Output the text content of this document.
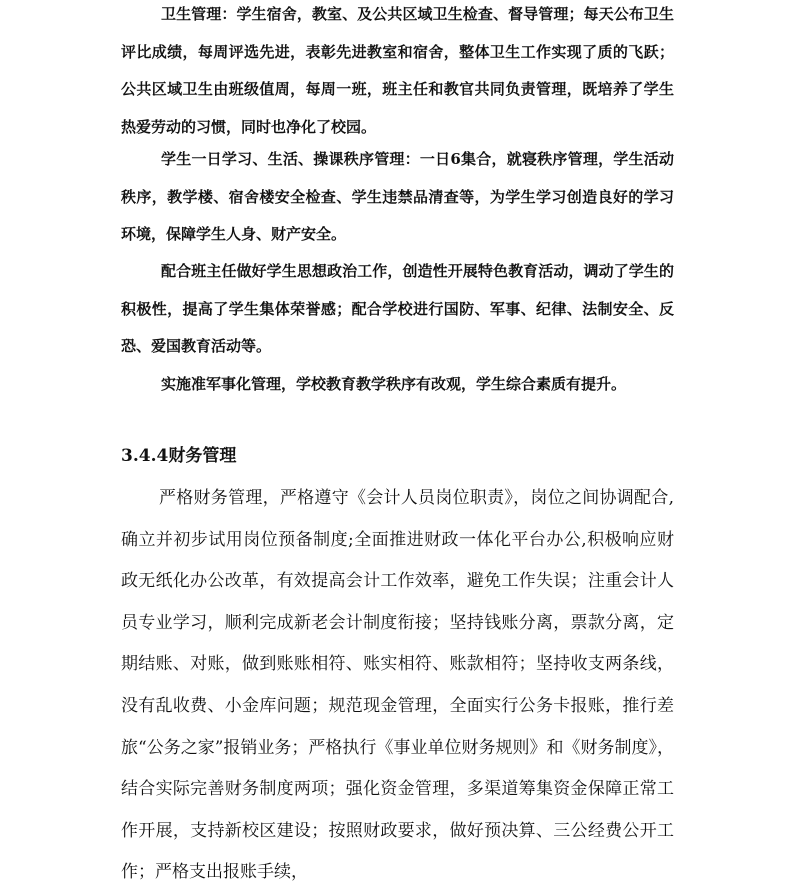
卫生管理：学生宿舍，教室、及公共区域卫生检查、督导管理；每天公布卫生评比成绩，每周评选先进，表彰先进教室和宿舍，整体卫生工作实现了质的飞跃；公共区域卫生由班级值周，每周一班，班主任和教官共同负责管理，既培养了学生热爱劳动的习惯，同时也净化了校园。

学生一日学习、生活、操课秩序管理：一日6集合，就寝秩序管理，学生活动秩序，教学楼、宿舍楼安全检查、学生违禁品清查等，为学生学习创造良好的学习环境，保障学生人身、财产安全。

配合班主任做好学生思想政治工作，创造性开展特色教育活动，调动了学生的积极性，提高了学生集体荣誉感；配合学校进行国防、军事、纪律、法制安全、反恐、爱国教育活动等。

实施准军事化管理，学校教育教学秩序有改观，学生综合素质有提升。

3.4.4财务管理

严格财务管理，严格遵守《会计人员岗位职责》，岗位之间协调配合,确立并初步试用岗位预备制度;全面推进财政一体化平台办公,积极响应财政无纸化办公改革，有效提高会计工作效率，避免工作失误；注重会计人员专业学习，顺利完成新老会计制度衔接；坚持钱账分离，票款分离，定期结账、对账，做到账账相符、账实相符、账款相符；坚持收支两条线，没有乱收费、小金库问题；规范现金管理，全面实行公务卡报账，推行差旅“公务之家”报销业务；严格执行《事业单位财务规则》和《财务制度》，结合实际完善财务制度两项；强化资金管理，多渠道筹集资金保障正常工作开展，支持新校区建设；按照财政要求，做好预决算、三公经费公开工作；严格支出报账手续，
